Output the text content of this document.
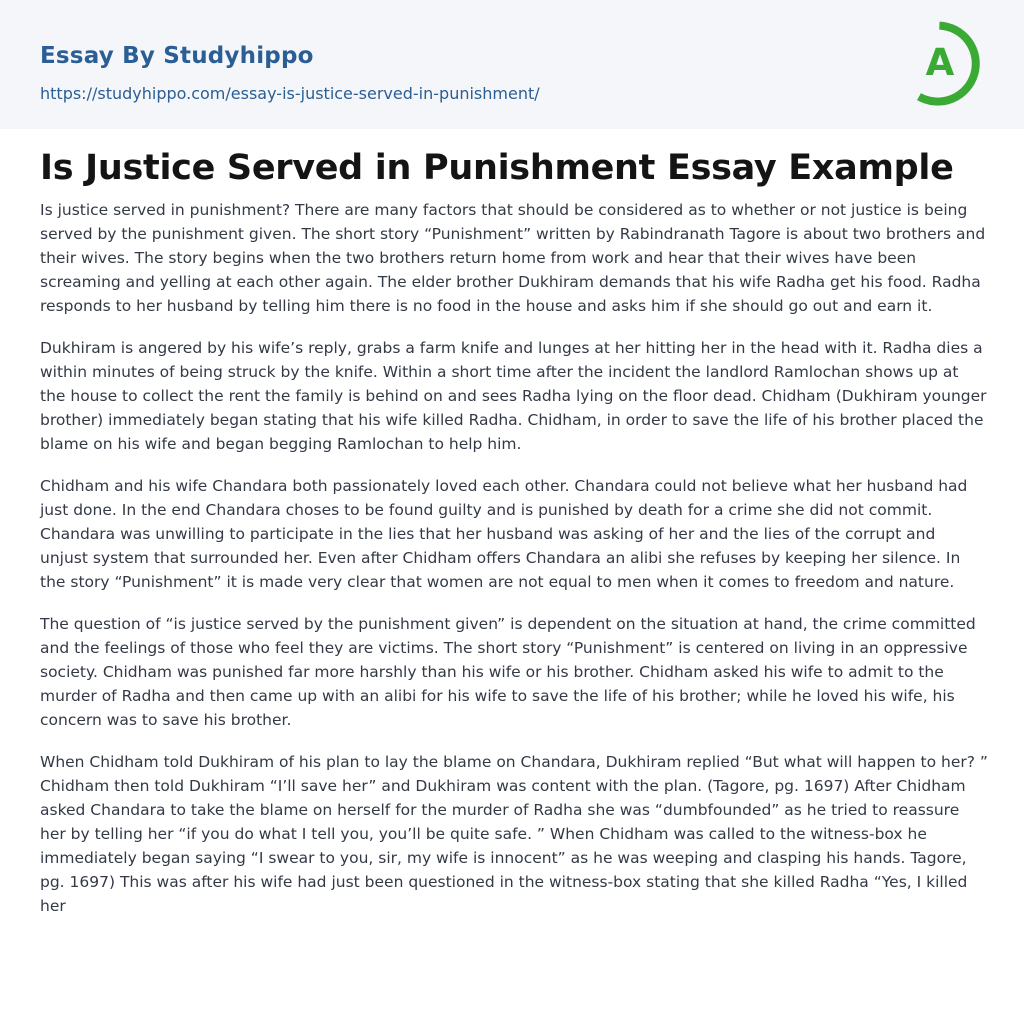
Essay By Studyhippo
https://studyhippo.com/essay-is-justice-served-in-punishment/
A
Is Justice Served in Punishment Essay Example

Is justice served in punishment? There are many factors that should be considered as to whether or not justice is being served by the punishment given. The short story “Punishment” written by Rabindranath Tagore is about two brothers and their wives. The story begins when the two brothers return home from work and hear that their wives have been screaming and yelling at each other again. The elder brother Dukhiram demands that his wife Radha get his food. Radha responds to her husband by telling him there is no food in the house and asks him if she should go out and earn it.

Dukhiram is angered by his wife’s reply, grabs a farm knife and lunges at her hitting her in the head with it. Radha dies a within minutes of being struck by the knife. Within a short time after the incident the landlord Ramlochan shows up at the house to collect the rent the family is behind on and sees Radha lying on the floor dead. Chidham (Dukhiram younger brother) immediately began stating that his wife killed Radha. Chidham, in order to save the life of his brother placed the blame on his wife and began begging Ramlochan to help him.

Chidham and his wife Chandara both passionately loved each other. Chandara could not believe what her husband had just done. In the end Chandara choses to be found guilty and is punished by death for a crime she did not commit. Chandara was unwilling to participate in the lies that her husband was asking of her and the lies of the corrupt and unjust system that surrounded her. Even after Chidham offers Chandara an alibi she refuses by keeping her silence. In the story “Punishment” it is made very clear that women are not equal to men when it comes to freedom and nature.

The question of “is justice served by the punishment given” is dependent on the situation at hand, the crime committed and the feelings of those who feel they are victims. The short story “Punishment” is centered on living in an oppressive society. Chidham was punished far more harshly than his wife or his brother. Chidham asked his wife to admit to the murder of Radha and then came up with an alibi for his wife to save the life of his brother; while he loved his wife, his concern was to save his brother.

When Chidham told Dukhiram of his plan to lay the blame on Chandara, Dukhiram replied “But what will happen to her? ” Chidham then told Dukhiram “I’ll save her” and Dukhiram was content with the plan. (Tagore, pg. 1697) After Chidham asked Chandara to take the blame on herself for the murder of Radha she was “dumbfounded” as he tried to reassure her by telling her “if you do what I tell you, you’ll be quite safe. ” When Chidham was called to the witness-box he immediately began saying “I swear to you, sir, my wife is innocent” as he was weeping and clasping his hands. Tagore, pg. 1697) This was after his wife had just been questioned in the witness-box stating that she killed Radha “Yes, I killed her
